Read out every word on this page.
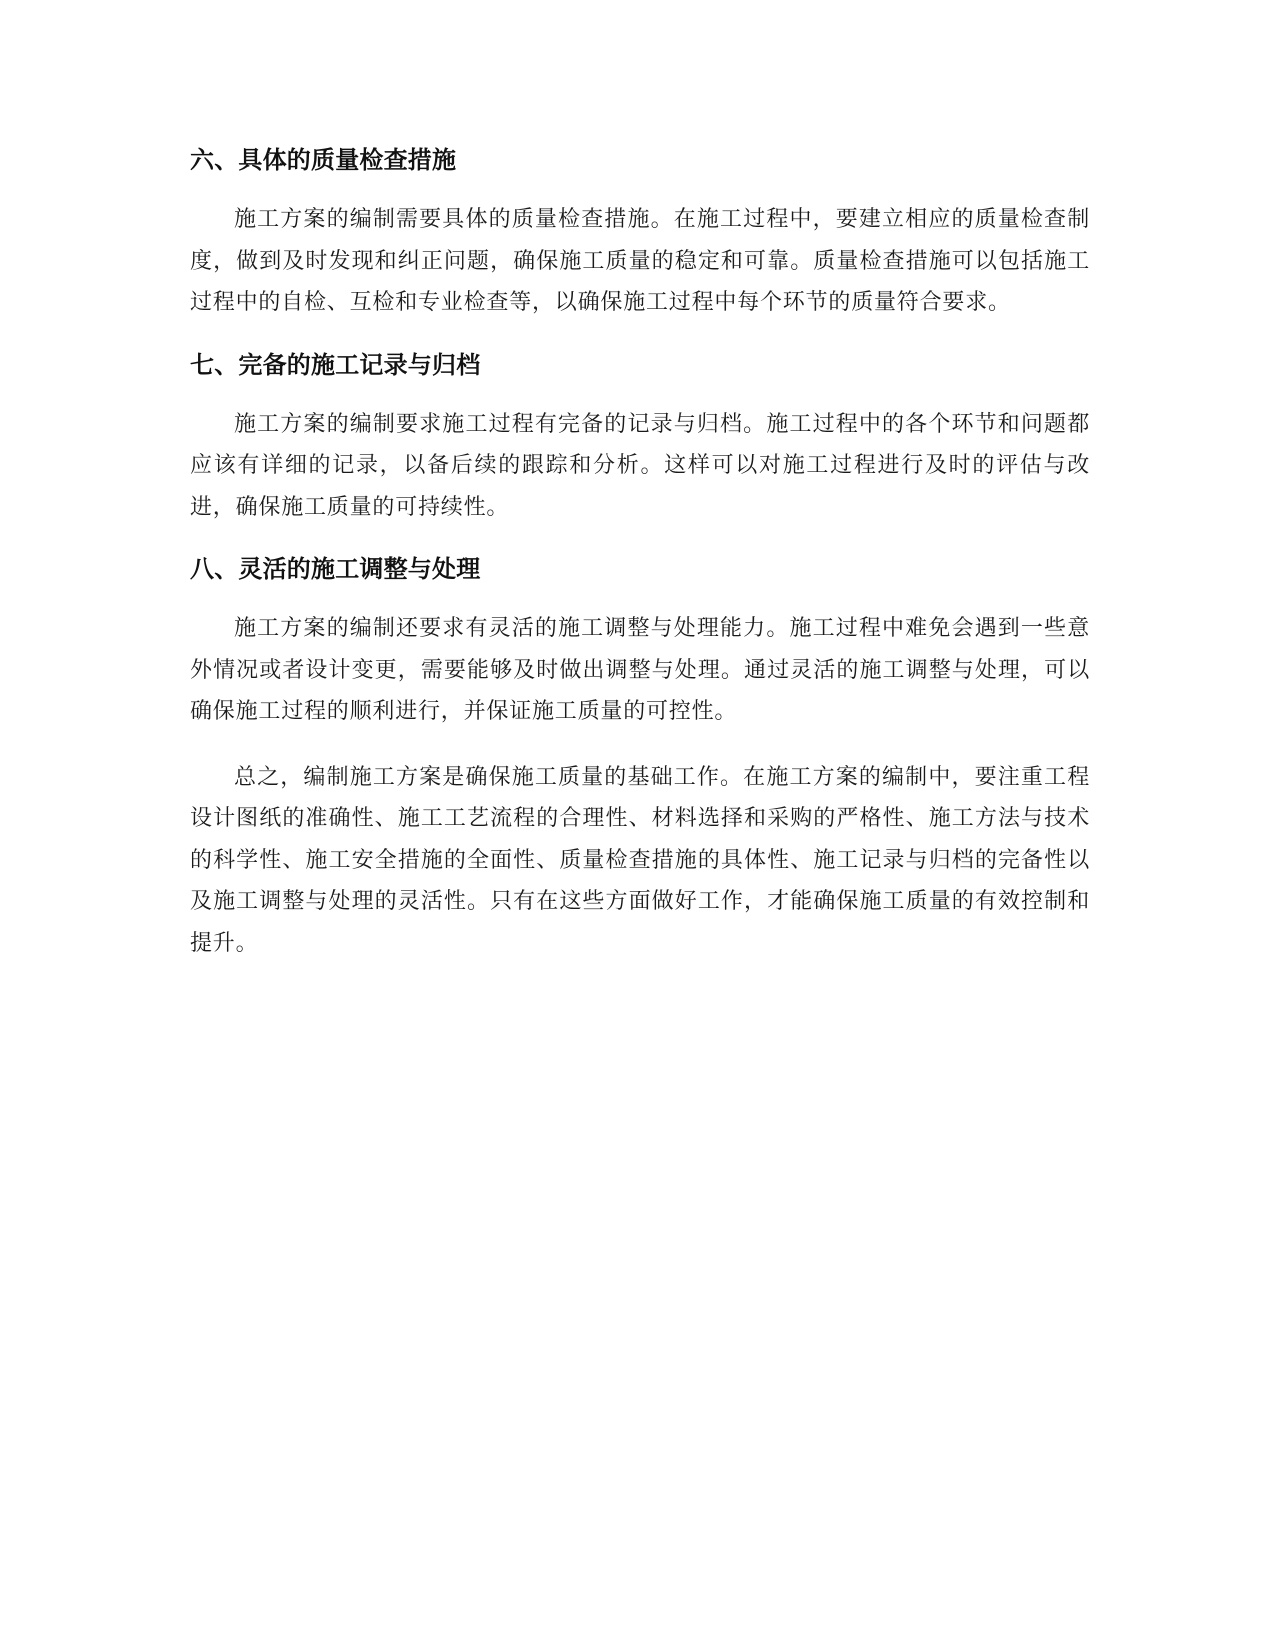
六、具体的质量检查措施

施工方案的编制需要具体的质量检查措施。在施工过程中，要建立相应的质量检查制度，做到及时发现和纠正问题，确保施工质量的稳定和可靠。质量检查措施可以包括施工过程中的自检、互检和专业检查等，以确保施工过程中每个环节的质量符合要求。

七、完备的施工记录与归档

施工方案的编制要求施工过程有完备的记录与归档。施工过程中的各个环节和问题都应该有详细的记录，以备后续的跟踪和分析。这样可以对施工过程进行及时的评估与改进，确保施工质量的可持续性。

八、灵活的施工调整与处理

施工方案的编制还要求有灵活的施工调整与处理能力。施工过程中难免会遇到一些意外情况或者设计变更，需要能够及时做出调整与处理。通过灵活的施工调整与处理，可以确保施工过程的顺利进行，并保证施工质量的可控性。

总之，编制施工方案是确保施工质量的基础工作。在施工方案的编制中，要注重工程设计图纸的准确性、施工工艺流程的合理性、材料选择和采购的严格性、施工方法与技术的科学性、施工安全措施的全面性、质量检查措施的具体性、施工记录与归档的完备性以及施工调整与处理的灵活性。只有在这些方面做好工作，才能确保施工质量的有效控制和提升。
